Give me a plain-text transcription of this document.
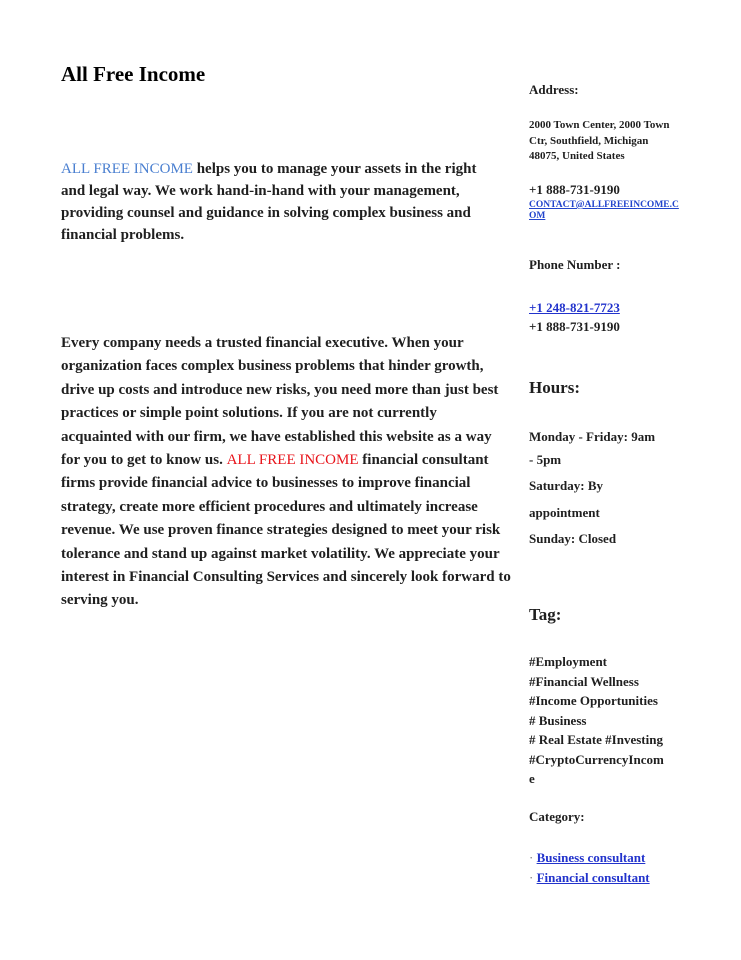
All Free Income

ALL FREE INCOME helps you to manage your assets in the right and legal way. We work hand-in-hand with your management, providing counsel and guidance in solving complex business and financial problems.

Every company needs a trusted financial executive. When your organization faces complex business problems that hinder growth, drive up costs and introduce new risks, you need more than just best practices or simple point solutions. If you are not currently acquainted with our firm, we have established this website as a way for you to get to know us. ALL FREE INCOME financial consultant firms provide financial advice to businesses to improve financial strategy, create more efficient procedures and ultimately increase revenue. We use proven finance strategies designed to meet your risk tolerance and stand up against market volatility. We appreciate your interest in Financial Consulting Services and sincerely look forward to serving you.

Address:
2000 Town Center, 2000 Town
Ctr, Southfield, Michigan
48075, United States
+1 888-731-9190
CONTACT@ALLFREEINCOME.COM
Phone Number :
+1 248-821-7723
+1 888-731-9190
Hours:
Monday - Friday: 9am
- 5pm
Saturday: By
appointment
Sunday: Closed
Tag:
#Employment
#Financial Wellness
#Income Opportunities
# Business
# Real Estate #Investing
#CryptoCurrencyIncom
e
Category:
· Business consultant
· Financial consultant
